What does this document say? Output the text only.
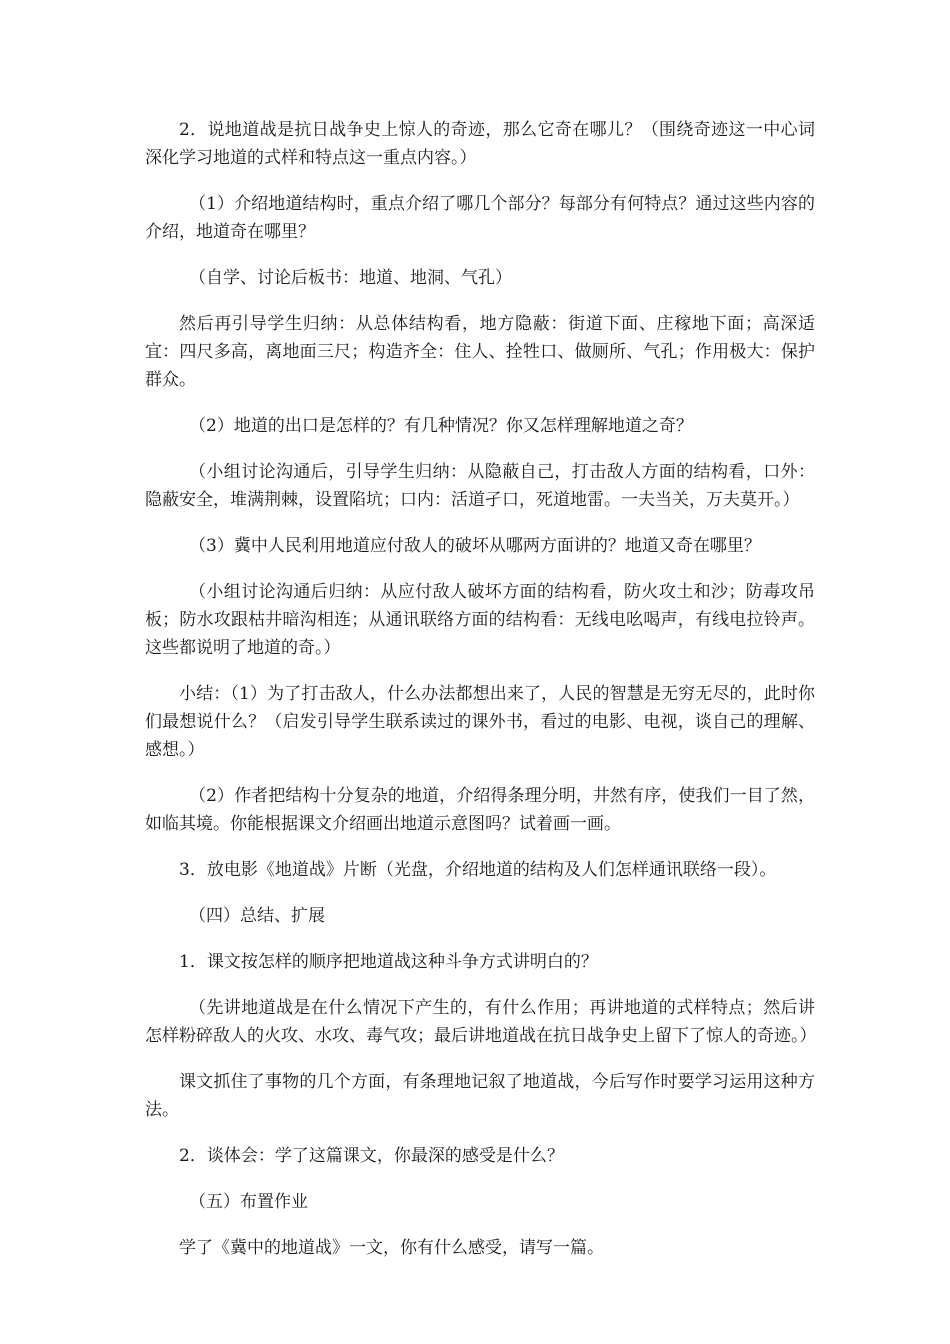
2．说地道战是抗日战争史上惊人的奇迹，那么它奇在哪儿？（围绕奇迹这一中心词深化学习地道的式样和特点这一重点内容。）

（1）介绍地道结构时，重点介绍了哪几个部分？每部分有何特点？通过这些内容的介绍，地道奇在哪里？

（自学、讨论后板书：地道、地洞、气孔）

然后再引导学生归纳：从总体结构看，地方隐蔽：街道下面、庄稼地下面；高深适宜：四尺多高，离地面三尺；构造齐全：住人、拴牲口、做厕所、气孔；作用极大：保护群众。

（2）地道的出口是怎样的？有几种情况？你又怎样理解地道之奇？

（小组讨论沟通后，引导学生归纳：从隐蔽自己，打击敌人方面的结构看，口外：隐蔽安全，堆满荆棘，设置陷坑；口内：活道孑口，死道地雷。一夫当关，万夫莫开。）

（3）冀中人民利用地道应付敌人的破坏从哪两方面讲的？地道又奇在哪里？

（小组讨论沟通后归纳：从应付敌人破坏方面的结构看，防火攻土和沙；防毒攻吊板；防水攻跟枯井暗沟相连；从通讯联络方面的结构看：无线电吆喝声，有线电拉铃声。这些都说明了地道的奇。）

小结：（1）为了打击敌人，什么办法都想出来了，人民的智慧是无穷无尽的，此时你们最想说什么？（启发引导学生联系读过的课外书，看过的电影、电视，谈自己的理解、感想。）

（2）作者把结构十分复杂的地道，介绍得条理分明，井然有序，使我们一目了然，如临其境。你能根据课文介绍画出地道示意图吗？试着画一画。

3．放电影《地道战》片断（光盘，介绍地道的结构及人们怎样通讯联络一段）。

（四）总结、扩展

1．课文按怎样的顺序把地道战这种斗争方式讲明白的？

（先讲地道战是在什么情况下产生的，有什么作用；再讲地道的式样特点；然后讲怎样粉碎敌人的火攻、水攻、毒气攻；最后讲地道战在抗日战争史上留下了惊人的奇迹。）

课文抓住了事物的几个方面，有条理地记叙了地道战，今后写作时要学习运用这种方法。

2．谈体会：学了这篇课文，你最深的感受是什么？

（五）布置作业

学了《冀中的地道战》一文，你有什么感受，请写一篇。
